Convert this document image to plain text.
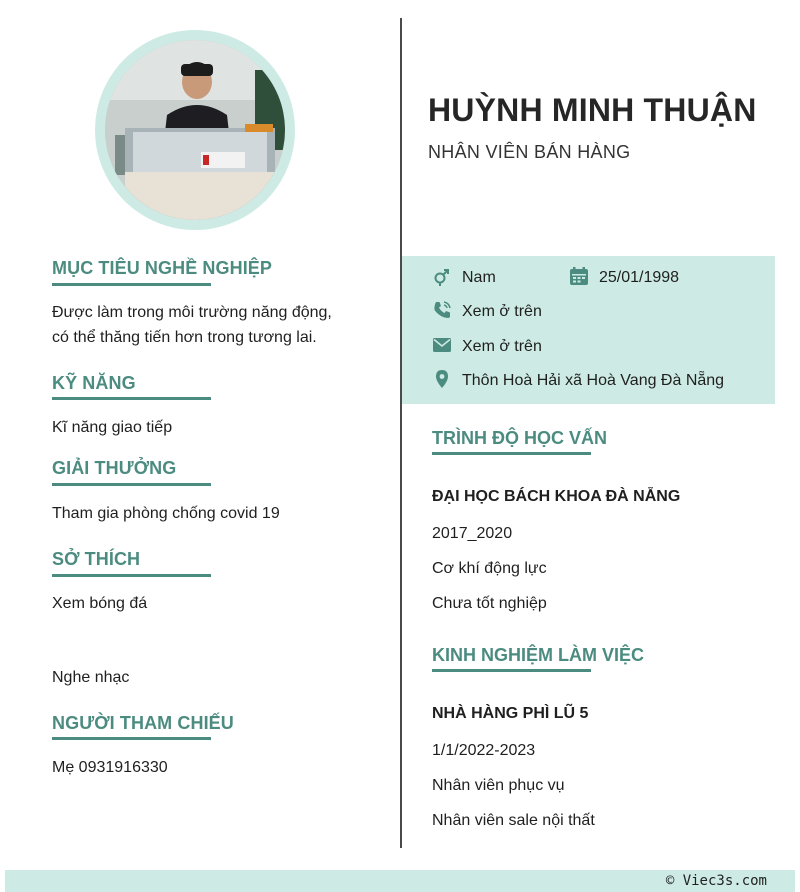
MỤC TIÊU NGHỀ NGHIỆP
Được làm trong môi trường năng động,
có thể thăng tiến hơn trong tương lai.
KỸ NĂNG
Kĩ năng giao tiếp
GIẢI THƯỞNG
Tham gia phòng chống covid 19
SỞ THÍCH
Xem bóng đá
Nghe nhạc
NGƯỜI THAM CHIẾU
Mẹ 0931916330
HUỲNH MINH THUẬN
NHÂN VIÊN BÁN HÀNG
Nam	25/01/1998
Xem ở trên
Xem ở trên
Thôn Hoà Hải xã Hoà Vang Đà Nẵng
TRÌNH ĐỘ HỌC VẤN
ĐẠI HỌC BÁCH KHOA ĐÀ NẴNG
2017_2020
Cơ khí động lực
Chưa tốt nghiệp
KINH NGHIỆM LÀM VIỆC
NHÀ HÀNG PHÌ LŨ 5
1/1/2022-2023
Nhân viên phục vụ
Nhân viên sale nội thất
© Viec3s.com
